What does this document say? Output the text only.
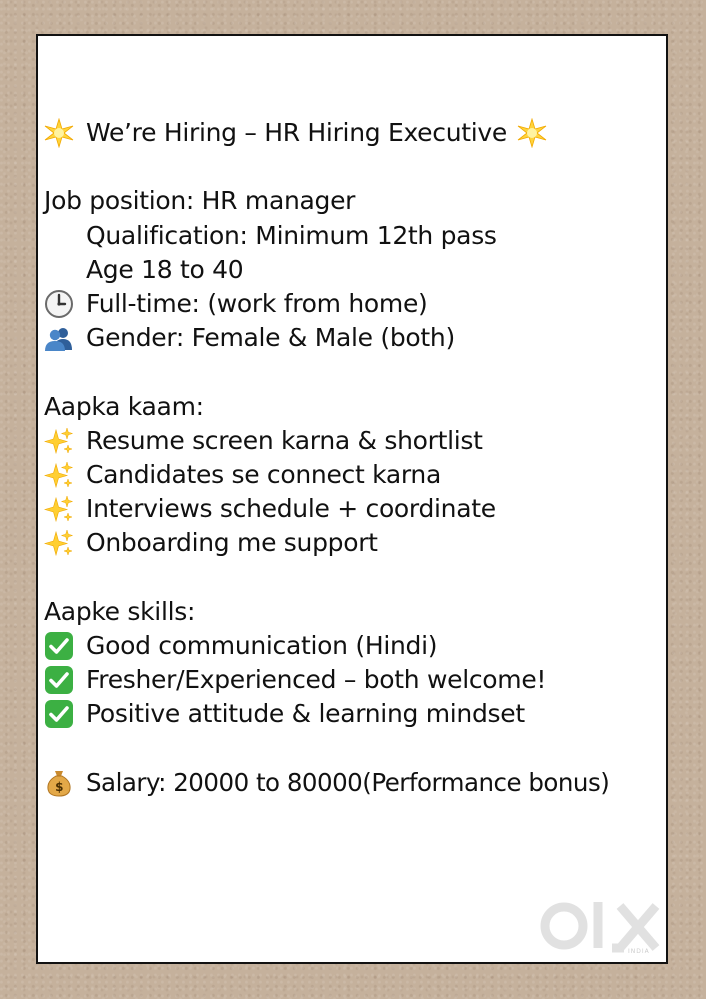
We’re Hiring – HR Hiring Executive
Job position: HR manager
Qualification: Minimum 12th pass
Age 18 to 40
Full-time: (work from home)
Gender: Female & Male (both)
Aapka kaam:
Resume screen karna & shortlist
Candidates se connect karna
Interviews schedule + coordinate
Onboarding me support
Aapke skills:
Good communication (Hindi)
Fresher/Experienced – both welcome!
Positive attitude & learning mindset
Salary: 20000 to 80000(Performance bonus)
INDIA
